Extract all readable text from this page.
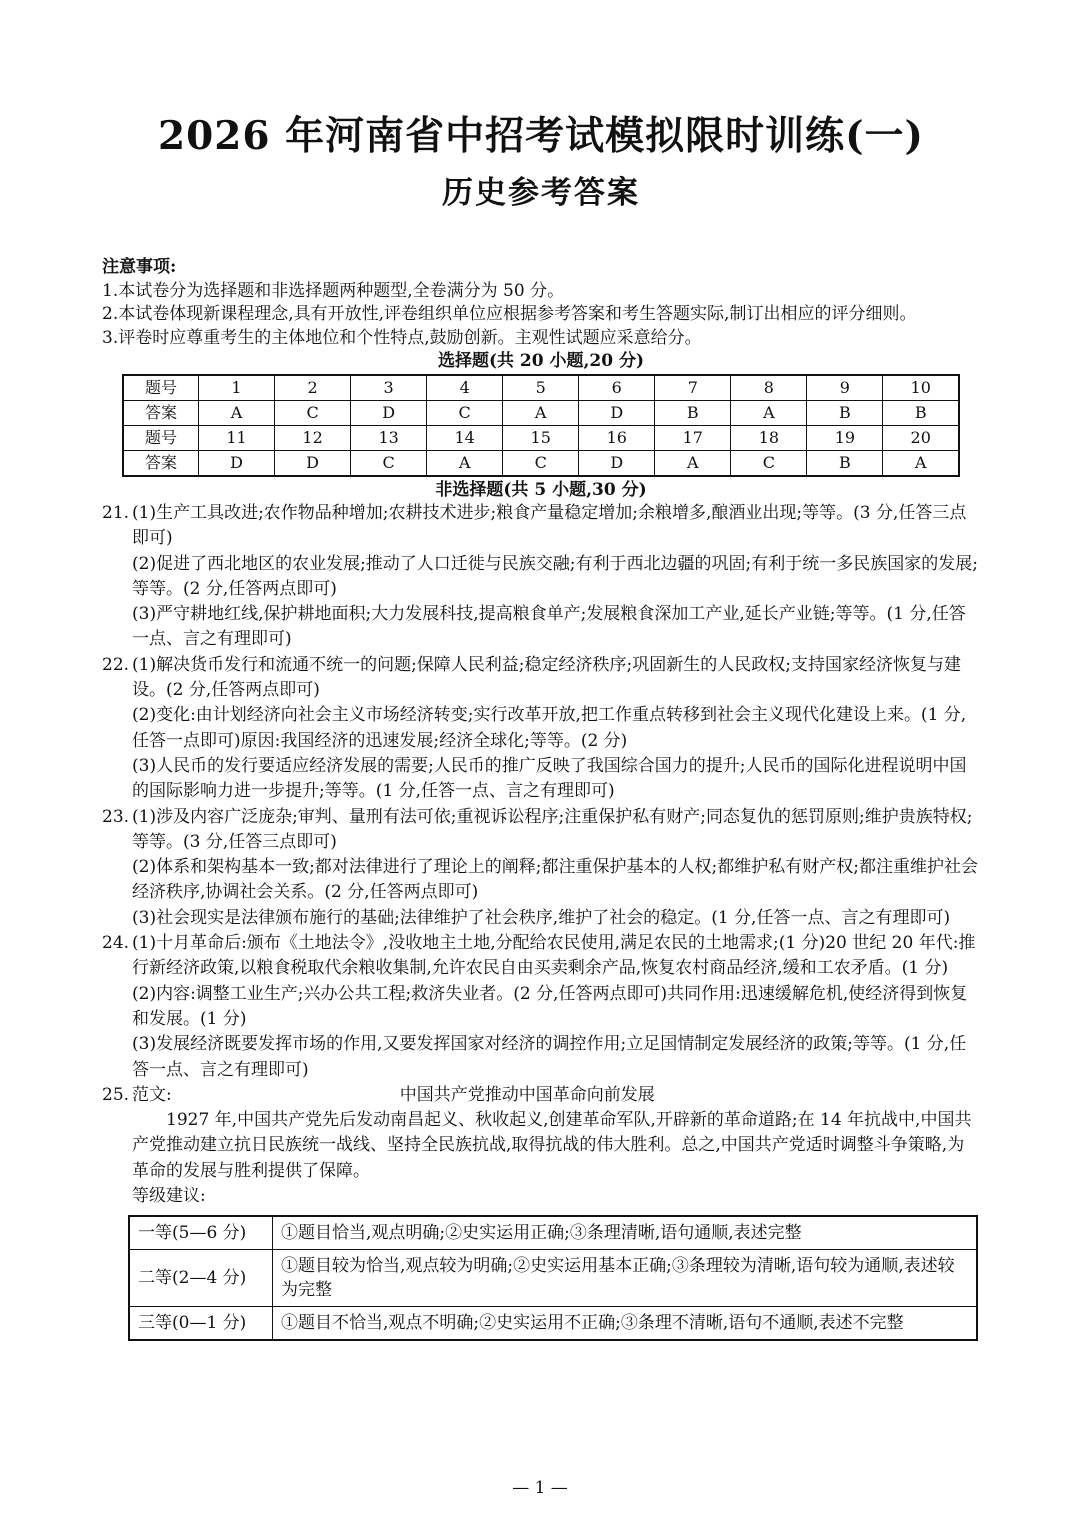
2026 年河南省中招考试模拟限时训练(一)
历史参考答案
注意事项:
1. 本试卷分为选择题和非选择题两种题型,全卷满分为 50 分。
2. 本试卷体现新课程理念,具有开放性,评卷组织单位应根据参考答案和考生答题实际,制订出相应的评分细则。
3. 评卷时应尊重考生的主体地位和个性特点,鼓励创新。主观性试题应采意给分。
选择题(共 20 小题,20 分)
题号	1	2	3	4	5	6	7	8	9	10
答案	A	C	D	C	A	D	B	A	B	B
题号	11	12	13	14	15	16	17	18	19	20
答案	D	D	C	A	C	D	A	C	B	A
非选择题(共 5 小题,30 分)
21. (1)生产工具改进;农作物品种增加;农耕技术进步;粮食产量稳定增加;余粮增多,酿酒业出现;等等。(3 分,任答三点即可)
(2)促进了西北地区的农业发展;推动了人口迁徙与民族交融;有利于西北边疆的巩固;有利于统一多民族国家的发展;等等。(2 分,任答两点即可)
(3)严守耕地红线,保护耕地面积;大力发展科技,提高粮食单产;发展粮食深加工产业,延长产业链;等等。(1 分,任答一点、言之有理即可)
22. (1)解决货币发行和流通不统一的问题;保障人民利益;稳定经济秩序;巩固新生的人民政权;支持国家经济恢复与建设。(2 分,任答两点即可)
(2)变化:由计划经济向社会主义市场经济转变;实行改革开放,把工作重点转移到社会主义现代化建设上来。(1 分,任答一点即可)原因:我国经济的迅速发展;经济全球化;等等。(2 分)
(3)人民币的发行要适应经济发展的需要;人民币的推广反映了我国综合国力的提升;人民币的国际化进程说明中国的国际影响力进一步提升;等等。(1 分,任答一点、言之有理即可)
23. (1)涉及内容广泛庞杂;审判、量刑有法可依;重视诉讼程序;注重保护私有财产;同态复仇的惩罚原则;维护贵族特权;等等。(3 分,任答三点即可)
(2)体系和架构基本一致;都对法律进行了理论上的阐释;都注重保护基本的人权;都维护私有财产权;都注重维护社会经济秩序,协调社会关系。(2 分,任答两点即可)
(3)社会现实是法律颁布施行的基础;法律维护了社会秩序,维护了社会的稳定。(1 分,任答一点、言之有理即可)
24. (1)十月革命后:颁布《土地法令》,没收地主土地,分配给农民使用,满足农民的土地需求;(1 分)20 世纪 20 年代:推行新经济政策,以粮食税取代余粮收集制,允许农民自由买卖剩余产品,恢复农村商品经济,缓和工农矛盾。(1 分)
(2)内容:调整工业生产;兴办公共工程;救济失业者。(2 分,任答两点即可)共同作用:迅速缓解危机,使经济得到恢复和发展。(1 分)
(3)发展经济既要发挥市场的作用,又要发挥国家对经济的调控作用;立足国情制定发展经济的政策;等等。(1 分,任答一点、言之有理即可)
25. 范文:	中国共产党推动中国革命向前发展
1927 年,中国共产党先后发动南昌起义、秋收起义,创建革命军队,开辟新的革命道路;在 14 年抗战中,中国共产党推动建立抗日民族统一战线、坚持全民族抗战,取得抗战的伟大胜利。总之,中国共产党适时调整斗争策略,为革命的发展与胜利提供了保障。
等级建议:
一等(5—6 分)	①题目恰当,观点明确;②史实运用正确;③条理清晰,语句通顺,表述完整
二等(2—4 分)	①题目较为恰当,观点较为明确;②史实运用基本正确;③条理较为清晰,语句较为通顺,表述较为完整
三等(0—1 分)	①题目不恰当,观点不明确;②史实运用不正确;③条理不清晰,语句不通顺,表述不完整
— 1 —
